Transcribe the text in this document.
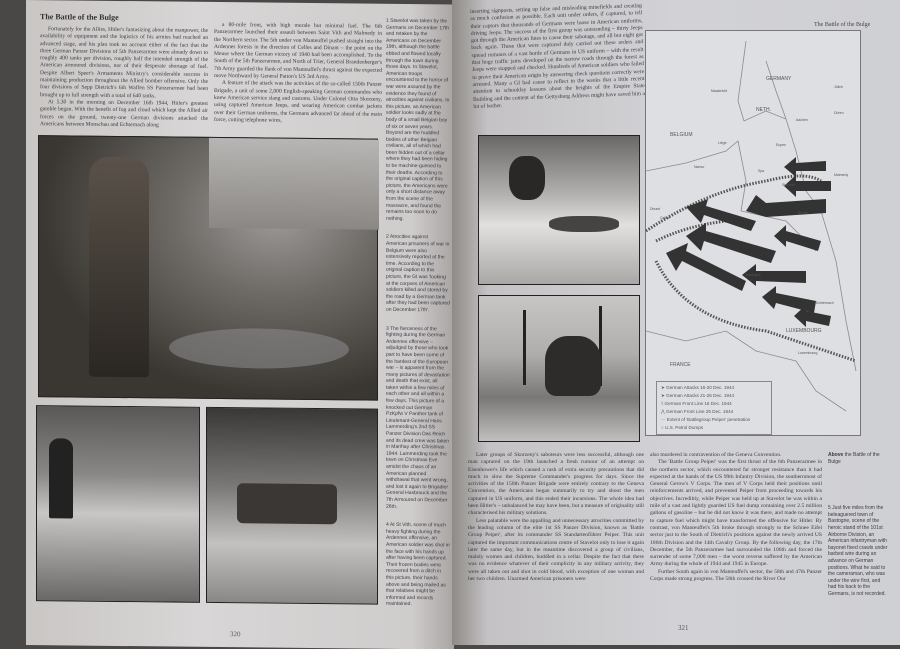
The Battle of the Bulge

Fortunately for the Allies, Hitler's fantasizing about the manpower, the availability of equipment and the logistics of his armies had reached an advanced stage, and his plan took no account either of the fact that the three German Panzer Divisions of 5th Panzerarmee were already down to roughly 400 tanks per division, roughly half the intended strength of the American armoured divisions, nor of their desperate shortage of fuel. Despite Albert Speer's Armaments Ministry's considerable success in maintaining production throughout the Allied bomber offensive. Only the four divisions of Sepp Dietrich's 6th Waffen SS Panzerarmee had been brought up to full strength with a total of 640 tanks.

At 5.30 in the morning on December 16th 1944, Hitler's greatest gamble began. With the benefit of fog and cloud which kept the Allied air forces on the ground, twenty-one German divisions attacked the Americans between Monschau and Echternach along

a 80-mile front, with high morale but minimal fuel. The 6th Panzerarmee launched their assault between Saint Vith and Malmedy in the Northern sector. The 5th under von Manteuffel pushed straight into the Ardennes forests in the direction of Celles and Dinant – the point on the Meuse where the German victory of 1940 had been accomplished. To the South of the 5th Panzerarmee, and North of Trier, General Brandenberger's 7th Army guarded the flank of von Manteuffel's thrust against the expected move Northward by General Patton's US 3rd Army.

A feature of the attack was the activities of the so-called 150th Panzer Brigade, a unit of some 2,000 English-speaking German commandos who knew American service slang and customs. Under Colonel Otto Skorzeny, using captured American Jeeps, and wearing American combat jackets over their German uniforms, the Germans advanced far ahead of the main force, cutting telephone wires,

1 Stavelot was taken by the Germans on December 17th and retaken by the Americans on December 19th, although the battle ebbed and flowed locally through the town during those days. In Stavelot, American troops encountered to the horror of war were assured by the evidence they found of atrocities against civilians. In this picture, an American soldier looks sadly at the body of a small Belgian boy of six or seven years. Beyond are the huddled bodies of other Belgian civilians, all of which had been hidden out of a cellar where they had been hiding to be machine-gunned to their deaths. According to the original caption of this picture, the Americans were only a short distance away from the scene of the massacre, and found the remains too soon to do nothing.

2 Atrocities against American prisoners of war in Belgium were also extensively reported at the time. According to the original caption to this picture, the GI was 'looking at the corpses of American soldiers killed and stored by the road by a German tank after they had been captured on December 17th'.

3 The fierceness of the fighting during the German Ardennes offensive – adjudged by those who took part to have been some of the hardest of the European war – is apparent from the many pictures of devastation and death that exist, all taken within a few miles of each other and all within a few days. This picture of a knocked out German PzKpfw V Panther tank of Lieutenant-General Hans Lammerding's 2nd SS Panzer Division Das Reich and its dead crew was taken in Manhay after Christmas 1944. Lammerding took the town on Christmas Eve amidst the chaos of an American planned withdrawal that went wrong, and lost it again to Brigadier General Hasbrouck and the 7th Armoured on December 26th.

4 At St Vith, scene of much heavy fighting during the Ardennes offensive, an American soldier was shot in the face with his hands up after having been captured. Their frozen bodies were recovered from a ditch in this picture, their hands above and being mailed as that relatives might be informed and records maintained.

320
inserting signposts, setting up false and misleading minefields and creating as much confusion as possible. Each unit under orders, if captured, to tell their captors that thousands of Germans were loose in American uniforms, driving Jeeps. The success of the first group was outstanding – thirty Jeeps got through the American lines to cause their sabotage, and all but eight got back again. Those that were captured duly carried out these orders and spread rumours of a vast horde of Germans in US uniform – with the result that huge traffic jams developed on the narrow roads through the forest as Jeeps were stopped and checked. Hundreds of American soldiers who failed to prove their American origin by answering check questions correctly were arrested. Many a GI had cause to reflect in the weeks that a little recent attention to schoolday lessons about the heights of the Empire State Building and the content of the Gettysburg Address might have saved him a lot of bother.
GERMANY
NETH.
BELGIUM
LUXEMBOURG
FRANCE
Maastricht
Aachen
Jülich
Düren
Liège	Eupen
Namur
Spa
Malmedy
Stavelot
Dinant
Celles
St Vith
Bastogne
Echternach
Luxembourg
➤ German Attacks 16-20 Dec. 1944
➤ German Attacks 21-25 Dec. 1944
⌇ German Front Line 16 Dec. 1944
⋀ German Front Line 25 Dec. 1944
⋯ Extent of 'Battlegroup Peiper' penetration
○ U.S. Petrol Dumps
The Battle of the Bulge

Later groups of Skorzeny's saboteurs were less successful, although one man captured on the 19th launched a fresh rumour of an attempt on Eisenhower's life which caused a rash of extra security precautions that did much to slow the Supreme Commander's progress for days. Since the activities of the 150th Panzer Brigade were entirely contrary to the Geneva Convention, the Americans began summarily to try and shoot the men captured in US uniform, and this ended their incursions. The whole idea had been Hitler's – unbalanced he may have been, but a measure of originality still characterised his military solutions.

Less palatable were the appalling and unnecessary atrocities committed by the leading column of the elite 1st SS Panzer Division, known as 'Battle Group Peiper', after its commander SS Standartenführer Peiper. This unit captured the important communications centre of Stavelot only to lose it again later the same day, but in the meantime discovered a group of civilians, mainly women and children, huddled in a cellar. Despite the fact that there was no evidence whatever of their complicity in any military activity, they were all taken out and shot in cold blood, with exception of one woman and her two children. Unarmed American prisoners were

also murdered in contravention of the Geneva Convention.

The 'Battle Group Peiper' was the first thrust of the 6th Panzerarmee in the northern sector, which encountered far stronger resistance than it had expected at the hands of the US 99th Infantry Division, the southernmost of General Gerow's V Corps. The men of V Corps held their positions until reinforcements arrived, and prevented Peiper from proceeding towards his objectives. Incredibly, while Peiper was held up at Stavelot he was within a mile of a vast and lightly guarded US fuel dump containing over 2.5 million gallons of gasoline – but he did not know it was there, and made no attempt to capture fuel which might have transformed the offensive for Hitler. By contrast, von Manteuffel's 5th broke through strongly to the Schnee Eifel sector just to the South of Dietrich's positions against the newly arrived US 106th Division and the 14th Cavalry Group. By the following day, the 17th December, the 5th Panzerarmee had surrounded the 106th and forced the surrender of some 7,000 men – the worst reverse suffered by the American Army during the whole of 1944 and 1945 in Europe.

Further South again in von Manteuffel's sector, the 58th and 47th Panzer Corps made strong progress. The 58th crossed the River Our

Above the Battle of the Bulge

5 Just five miles from the beleaguered town of Bastogne, scene of the heroic stand of the 101st Airborne Division, an American infantryman with bayonet fixed crawls under barbed wire during an advance on German positions. What he said to the cameraman, who was under the wire first, and had his back to the Germans, is not recorded.

321
